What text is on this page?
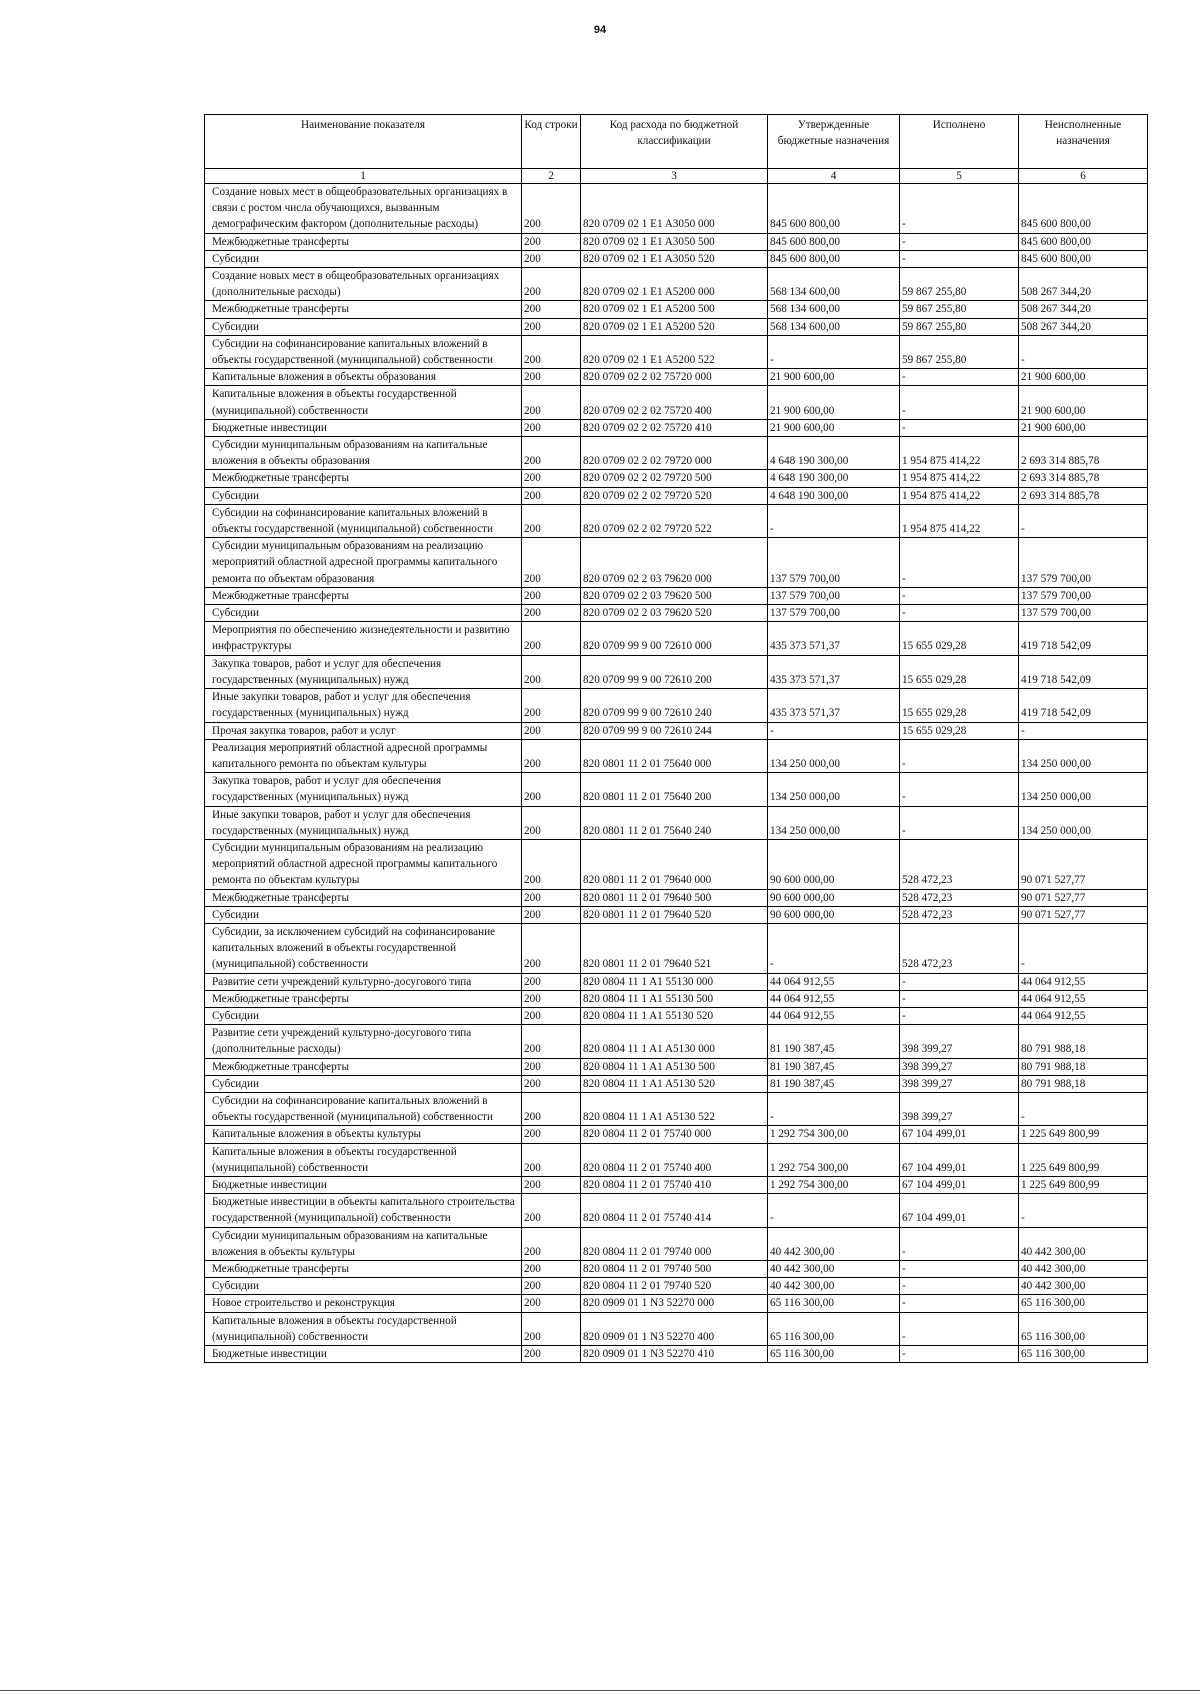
94
Наименование показателя	Код строки	Код расхода по бюджетной классификации	Утвержденные бюджетные назначения	Исполнено	Неисполненные назначения
1	2	3	4	5	6
Создание новых мест в общеобразовательных организациях в связи с ростом числа обучающихся, вызванным демографическим фактором (дополнительные расходы)	200	820 0709 02 1 E1 A3050 000	845 600 800,00	-	845 600 800,00
Межбюджетные трансферты	200	820 0709 02 1 E1 A3050 500	845 600 800,00	-	845 600 800,00
Субсидии	200	820 0709 02 1 E1 A3050 520	845 600 800,00	-	845 600 800,00
Создание новых мест в общеобразовательных организациях (дополнительные расходы)	200	820 0709 02 1 E1 A5200 000	568 134 600,00	59 867 255,80	508 267 344,20
Межбюджетные трансферты	200	820 0709 02 1 E1 A5200 500	568 134 600,00	59 867 255,80	508 267 344,20
Субсидии	200	820 0709 02 1 E1 A5200 520	568 134 600,00	59 867 255,80	508 267 344,20
Субсидии на софинансирование капитальных вложений в объекты государственной (муниципальной) собственности	200	820 0709 02 1 E1 A5200 522	-	59 867 255,80	-
Капитальные вложения в объекты образования	200	820 0709 02 2 02 75720 000	21 900 600,00	-	21 900 600,00
Капитальные вложения в объекты государственной (муниципальной) собственности	200	820 0709 02 2 02 75720 400	21 900 600,00	-	21 900 600,00
Бюджетные инвестиции	200	820 0709 02 2 02 75720 410	21 900 600,00	-	21 900 600,00
Субсидии муниципальным образованиям на капитальные вложения в объекты образования	200	820 0709 02 2 02 79720 000	4 648 190 300,00	1 954 875 414,22	2 693 314 885,78
Межбюджетные трансферты	200	820 0709 02 2 02 79720 500	4 648 190 300,00	1 954 875 414,22	2 693 314 885,78
Субсидии	200	820 0709 02 2 02 79720 520	4 648 190 300,00	1 954 875 414,22	2 693 314 885,78
Субсидии на софинансирование капитальных вложений в объекты государственной (муниципальной) собственности	200	820 0709 02 2 02 79720 522	-	1 954 875 414,22	-
Субсидии муниципальным образованиям на реализацию мероприятий областной адресной программы капитального ремонта по объектам образования	200	820 0709 02 2 03 79620 000	137 579 700,00	-	137 579 700,00
Межбюджетные трансферты	200	820 0709 02 2 03 79620 500	137 579 700,00	-	137 579 700,00
Субсидии	200	820 0709 02 2 03 79620 520	137 579 700,00	-	137 579 700,00
Мероприятия по обеспечению жизнедеятельности и развитию инфраструктуры	200	820 0709 99 9 00 72610 000	435 373 571,37	15 655 029,28	419 718 542,09
Закупка товаров, работ и услуг для обеспечения государственных (муниципальных) нужд	200	820 0709 99 9 00 72610 200	435 373 571,37	15 655 029,28	419 718 542,09
Иные закупки товаров, работ и услуг для обеспечения государственных (муниципальных) нужд	200	820 0709 99 9 00 72610 240	435 373 571,37	15 655 029,28	419 718 542,09
Прочая закупка товаров, работ и услуг	200	820 0709 99 9 00 72610 244	-	15 655 029,28	-
Реализация мероприятий областной адресной программы капитального ремонта по объектам культуры	200	820 0801 11 2 01 75640 000	134 250 000,00	-	134 250 000,00
Закупка товаров, работ и услуг для обеспечения государственных (муниципальных) нужд	200	820 0801 11 2 01 75640 200	134 250 000,00	-	134 250 000,00
Иные закупки товаров, работ и услуг для обеспечения государственных (муниципальных) нужд	200	820 0801 11 2 01 75640 240	134 250 000,00	-	134 250 000,00
Субсидии муниципальным образованиям на реализацию мероприятий областной адресной программы капитального ремонта по объектам культуры	200	820 0801 11 2 01 79640 000	90 600 000,00	528 472,23	90 071 527,77
Межбюджетные трансферты	200	820 0801 11 2 01 79640 500	90 600 000,00	528 472,23	90 071 527,77
Субсидии	200	820 0801 11 2 01 79640 520	90 600 000,00	528 472,23	90 071 527,77
Субсидии, за исключением субсидий на софинансирование капитальных вложений в объекты государственной (муниципальной) собственности	200	820 0801 11 2 01 79640 521	-	528 472,23	-
Развитие сети учреждений культурно-досугового типа	200	820 0804 11 1 A1 55130 000	44 064 912,55	-	44 064 912,55
Межбюджетные трансферты	200	820 0804 11 1 A1 55130 500	44 064 912,55	-	44 064 912,55
Субсидии	200	820 0804 11 1 A1 55130 520	44 064 912,55	-	44 064 912,55
Развитие сети учреждений культурно-досугового типа (дополнительные расходы)	200	820 0804 11 1 A1 A5130 000	81 190 387,45	398 399,27	80 791 988,18
Межбюджетные трансферты	200	820 0804 11 1 A1 A5130 500	81 190 387,45	398 399,27	80 791 988,18
Субсидии	200	820 0804 11 1 A1 A5130 520	81 190 387,45	398 399,27	80 791 988,18
Субсидии на софинансирование капитальных вложений в объекты государственной (муниципальной) собственности	200	820 0804 11 1 A1 A5130 522	-	398 399,27	-
Капитальные вложения в объекты культуры	200	820 0804 11 2 01 75740 000	1 292 754 300,00	67 104 499,01	1 225 649 800,99
Капитальные вложения в объекты государственной (муниципальной) собственности	200	820 0804 11 2 01 75740 400	1 292 754 300,00	67 104 499,01	1 225 649 800,99
Бюджетные инвестиции	200	820 0804 11 2 01 75740 410	1 292 754 300,00	67 104 499,01	1 225 649 800,99
Бюджетные инвестиции в объекты капитального строительства государственной (муниципальной) собственности	200	820 0804 11 2 01 75740 414	-	67 104 499,01	-
Субсидии муниципальным образованиям на капитальные вложения в объекты культуры	200	820 0804 11 2 01 79740 000	40 442 300,00	-	40 442 300,00
Межбюджетные трансферты	200	820 0804 11 2 01 79740 500	40 442 300,00	-	40 442 300,00
Субсидии	200	820 0804 11 2 01 79740 520	40 442 300,00	-	40 442 300,00
Новое строительство и реконструкция	200	820 0909 01 1 N3 52270 000	65 116 300,00	-	65 116 300,00
Капитальные вложения в объекты государственной (муниципальной) собственности	200	820 0909 01 1 N3 52270 400	65 116 300,00	-	65 116 300,00
Бюджетные инвестиции	200	820 0909 01 1 N3 52270 410	65 116 300,00	-	65 116 300,00
